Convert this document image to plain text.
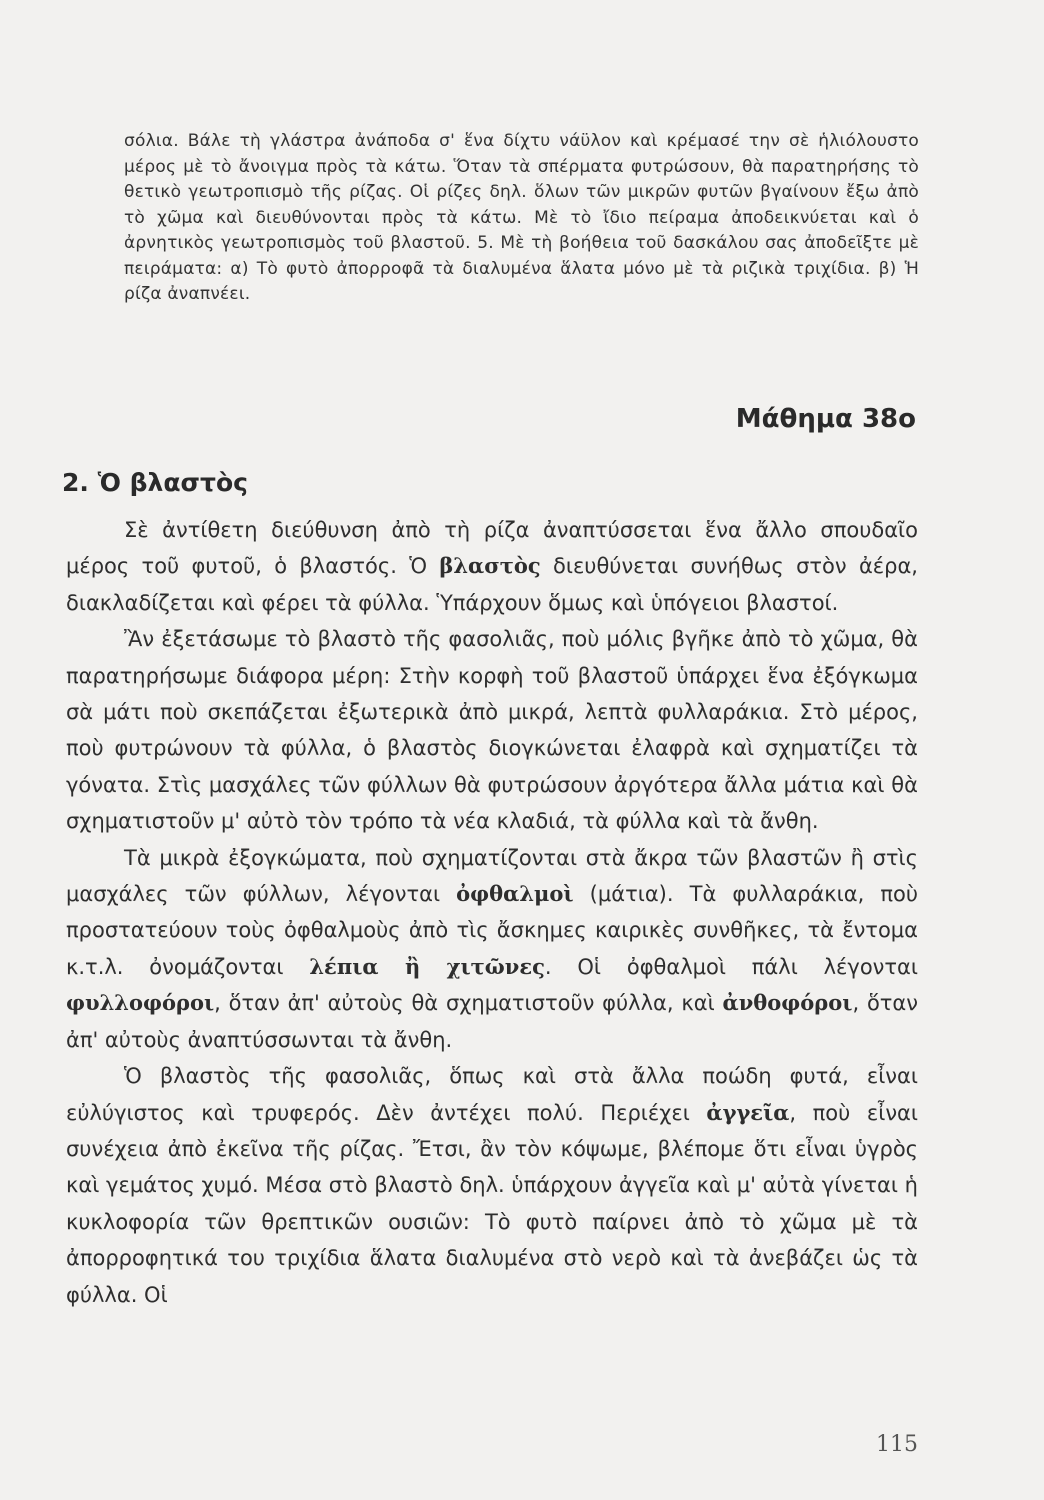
σόλια. Βάλε τὴ γλάστρα ἀνάποδα σ' ἕνα δίχτυ νάϋλον καὶ κρέμασέ την σὲ ἡλιόλουστο μέρος μὲ τὸ ἄνοιγμα πρὸς τὰ κάτω. Ὅταν τὰ σπέρματα φυτρώσουν, θὰ παρατηρήσης τὸ θετικὸ γεωτροπισμὸ τῆς ρίζας. Οἱ ρίζες δηλ. ὅλων τῶν μικρῶν φυτῶν βγαίνουν ἔξω ἀπὸ τὸ χῶμα καὶ διευθύνονται πρὸς τὰ κάτω. Μὲ τὸ ἴδιο πείραμα ἀποδεικνύεται καὶ ὁ ἀρνητικὸς γεωτροπισμὸς τοῦ βλαστοῦ. 5. Μὲ τὴ βοήθεια τοῦ δασκάλου σας ἀποδεῖξτε μὲ πειράματα: α) Τὸ φυτὸ ἀπορροφᾶ τὰ διαλυμένα ἅλατα μόνο μὲ τὰ ριζικὰ τριχίδια. β) Ἡ ρίζα ἀναπνέει.

Μάθημα 38ο
2. Ὁ βλαστὸς

Σὲ ἀντίθετη διεύθυνση ἀπὸ τὴ ρίζα ἀναπτύσσεται ἕνα ἄλλο σπουδαῖο μέρος τοῦ φυτοῦ, ὁ βλαστός. Ὁ βλαστὸς διευθύνεται συνήθως στὸν ἀέρα, διακλαδίζεται καὶ φέρει τὰ φύλλα. Ὑπάρχουν ὅμως καὶ ὑπόγειοι βλαστοί.

Ἂν ἐξετάσωμε τὸ βλαστὸ τῆς φασολιᾶς, ποὺ μόλις βγῆκε ἀπὸ τὸ χῶμα, θὰ παρατηρήσωμε διάφορα μέρη: Στὴν κορφὴ τοῦ βλαστοῦ ὑπάρχει ἕνα ἐξόγκωμα σὰ μάτι ποὺ σκεπάζεται ἐξωτερικὰ ἀπὸ μικρά, λεπτὰ φυλλαράκια. Στὸ μέρος, ποὺ φυτρώνουν τὰ φύλλα, ὁ βλαστὸς διογκώνεται ἐλαφρὰ καὶ σχηματίζει τὰ γόνατα. Στὶς μασχάλες τῶν φύλλων θὰ φυτρώσουν ἀργότερα ἄλλα μάτια καὶ θὰ σχηματιστοῦν μ' αὐτὸ τὸν τρόπο τὰ νέα κλαδιά, τὰ φύλλα καὶ τὰ ἄνθη.

Τὰ μικρὰ ἐξογκώματα, ποὺ σχηματίζονται στὰ ἄκρα τῶν βλαστῶν ἢ στὶς μασχάλες τῶν φύλλων, λέγονται ὀφθαλμοὶ (μάτια). Τὰ φυλλαράκια, ποὺ προστατεύουν τοὺς ὀφθαλμοὺς ἀπὸ τὶς ἄσκημες καιρικὲς συνθῆκες, τὰ ἔντομα κ.τ.λ. ὀνομάζονται λέπια ἢ χιτῶνες. Οἱ ὀφθαλμοὶ πάλι λέγονται φυλλοφόροι, ὅταν ἀπ' αὐτοὺς θὰ σχηματιστοῦν φύλλα, καὶ ἀνθοφόροι, ὅταν ἀπ' αὐτοὺς ἀναπτύσσωνται τὰ ἄνθη.

Ὁ βλαστὸς τῆς φασολιᾶς, ὅπως καὶ στὰ ἄλλα ποώδη φυτά, εἶναι εὐλύγιστος καὶ τρυφερός. Δὲν ἀντέχει πολύ. Περιέχει ἀγγεῖα, ποὺ εἶναι συνέχεια ἀπὸ ἐκεῖνα τῆς ρίζας. Ἔτσι, ἂν τὸν κόψωμε, βλέπομε ὅτι εἶναι ὑγρὸς καὶ γεμάτος χυμό. Μέσα στὸ βλαστὸ δηλ. ὑπάρχουν ἀγγεῖα καὶ μ' αὐτὰ γίνεται ἡ κυκλοφορία τῶν θρεπτικῶν ουσιῶν: Τὸ φυτὸ παίρνει ἀπὸ τὸ χῶμα μὲ τὰ ἀπορροφητικά του τριχίδια ἅλατα διαλυμένα στὸ νερὸ καὶ τὰ ἀνεβάζει ὡς τὰ φύλλα. Οἱ

115
